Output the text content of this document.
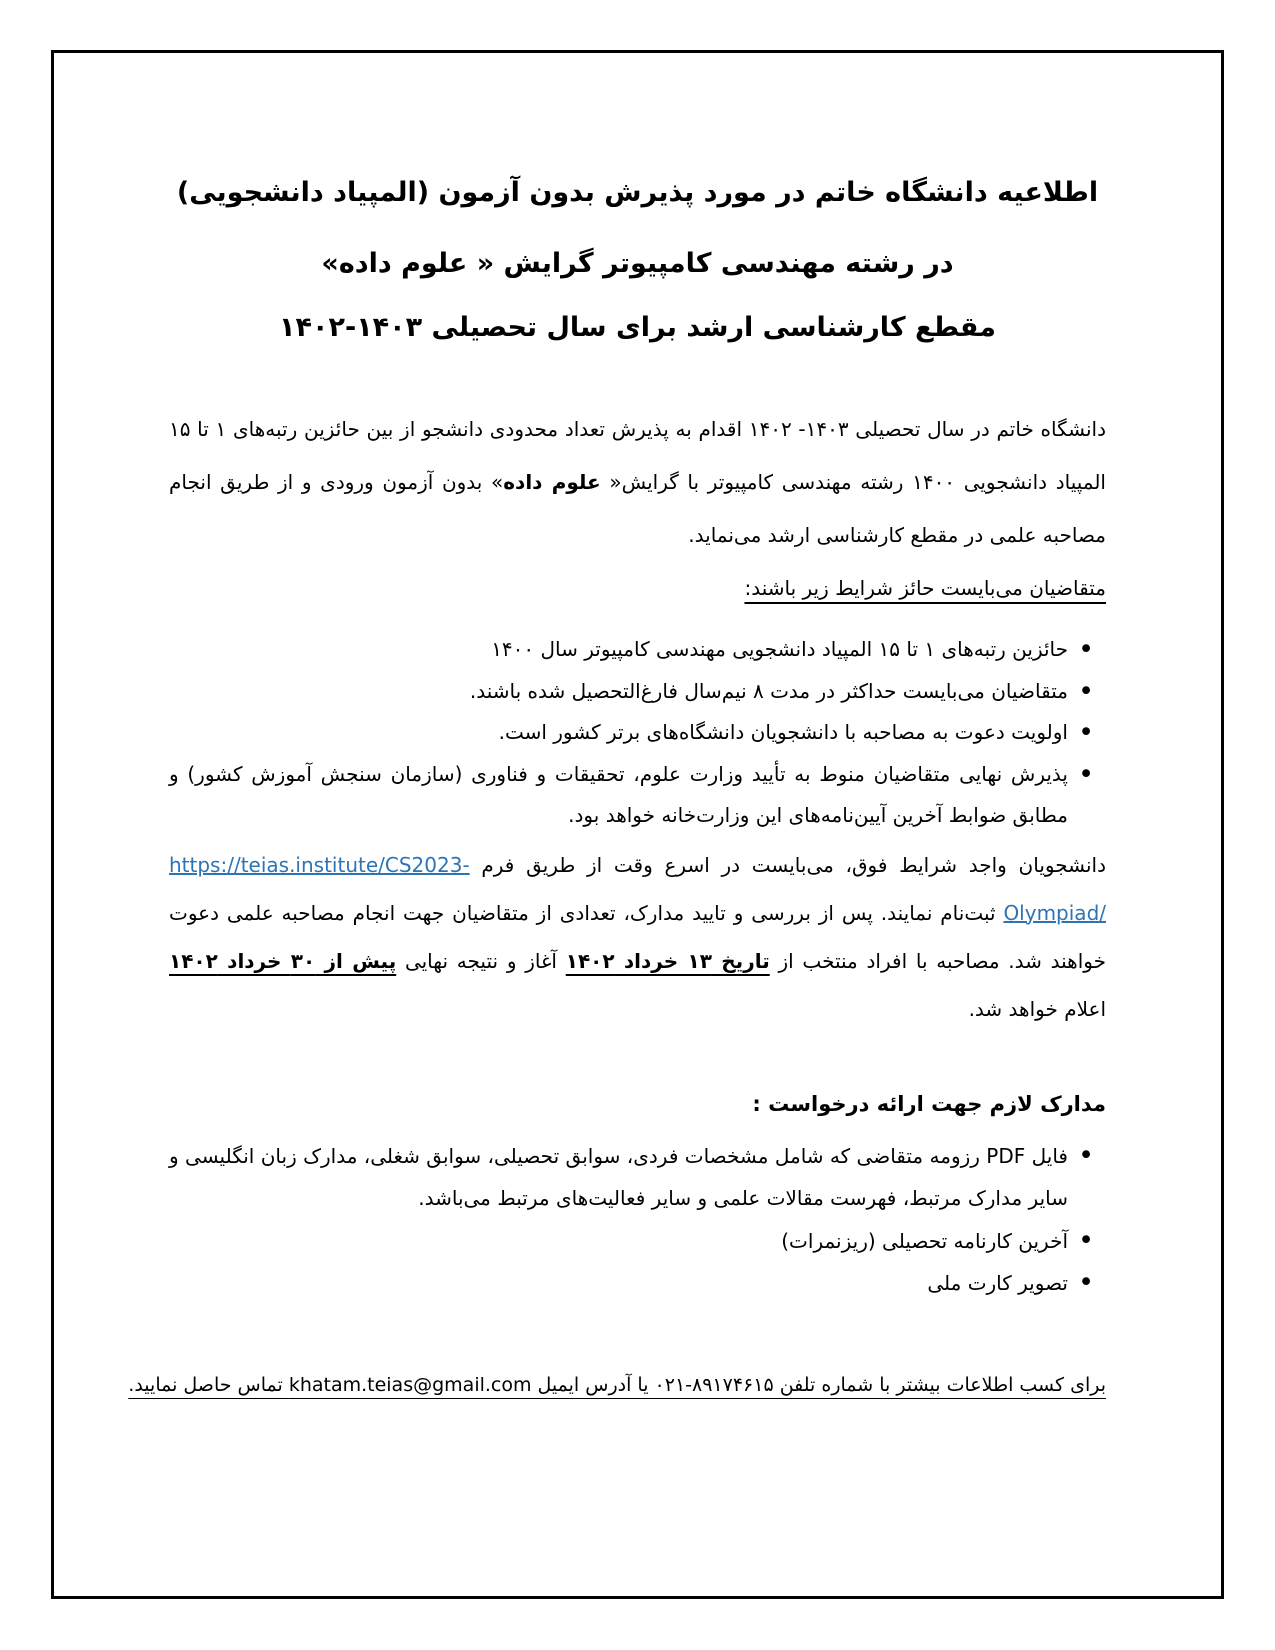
اطلاعیه دانشگاه خاتم در مورد پذیرش بدون آزمون (المپیاد دانشجویی)
در رشته مهندسی کامپیوتر گرایش « علوم داده»
مقطع کارشناسی ارشد برای سال تحصیلی ۱۴۰۳-۱۴۰۲

دانشگاه خاتم در سال تحصیلی ۱۴۰۳- ۱۴۰۲ اقدام به پذیرش تعداد محدودی دانشجو از بین حائزین رتبه‌های ۱ تا ۱۵ المپیاد دانشجویی ۱۴۰۰ رشته مهندسی کامپیوتر با گرایش« علوم داده» بدون آزمون ورودی و از طریق انجام مصاحبه علمی در مقطع کارشناسی ارشد می‌نماید.

متقاضیان می‌بایست حائز شرایط زیر باشند:

• حائزین رتبه‌های ۱ تا ۱۵ المپیاد دانشجویی مهندسی کامپیوتر سال ۱۴۰۰
• متقاضیان می‌بایست حداکثر در مدت ۸ نیم‌سال فارغ‌التحصیل شده باشند.
• اولویت دعوت به مصاحبه با دانشجویان دانشگاه‌های برتر کشور است.
• پذیرش نهایی متقاضیان منوط به تأیید وزارت علوم، تحقیقات و فناوری (سازمان سنجش آموزش کشور) و مطابق ضوابط آخرین آیین‌نامه‌های این وزارت‌خانه خواهد بود.

دانشجویان واجد شرایط فوق، می‌بایست در اسرع وقت از طریق فرم https://teias.institute/CS2023-Olympiad/ ثبت‌نام نمایند. پس از بررسی و تایید مدارک، تعدادی از متقاضیان جهت انجام مصاحبه علمی دعوت خواهند شد. مصاحبه با افراد منتخب از تاریخ ۱۳ خرداد ۱۴۰۲ آغاز و نتیجه نهایی پیش از ۳۰ خرداد ۱۴۰۲ اعلام خواهد شد.

مدارک لازم جهت ارائه درخواست :

• فایل PDF رزومه متقاضی که شامل مشخصات فردی، سوابق تحصیلی، سوابق شغلی، مدارک زبان انگلیسی و سایر مدارک مرتبط، فهرست مقالات علمی و سایر فعالیت‌های مرتبط می‌باشد.
• آخرین کارنامه تحصیلی (ریزنمرات)
• تصویر کارت ملی

برای کسب اطلاعات بیشتر با شماره تلفن ۸۹۱۷۴۶۱۵-۰۲۱ یا آدرس ایمیل khatam.teias@gmail.com تماس حاصل نمایید.
